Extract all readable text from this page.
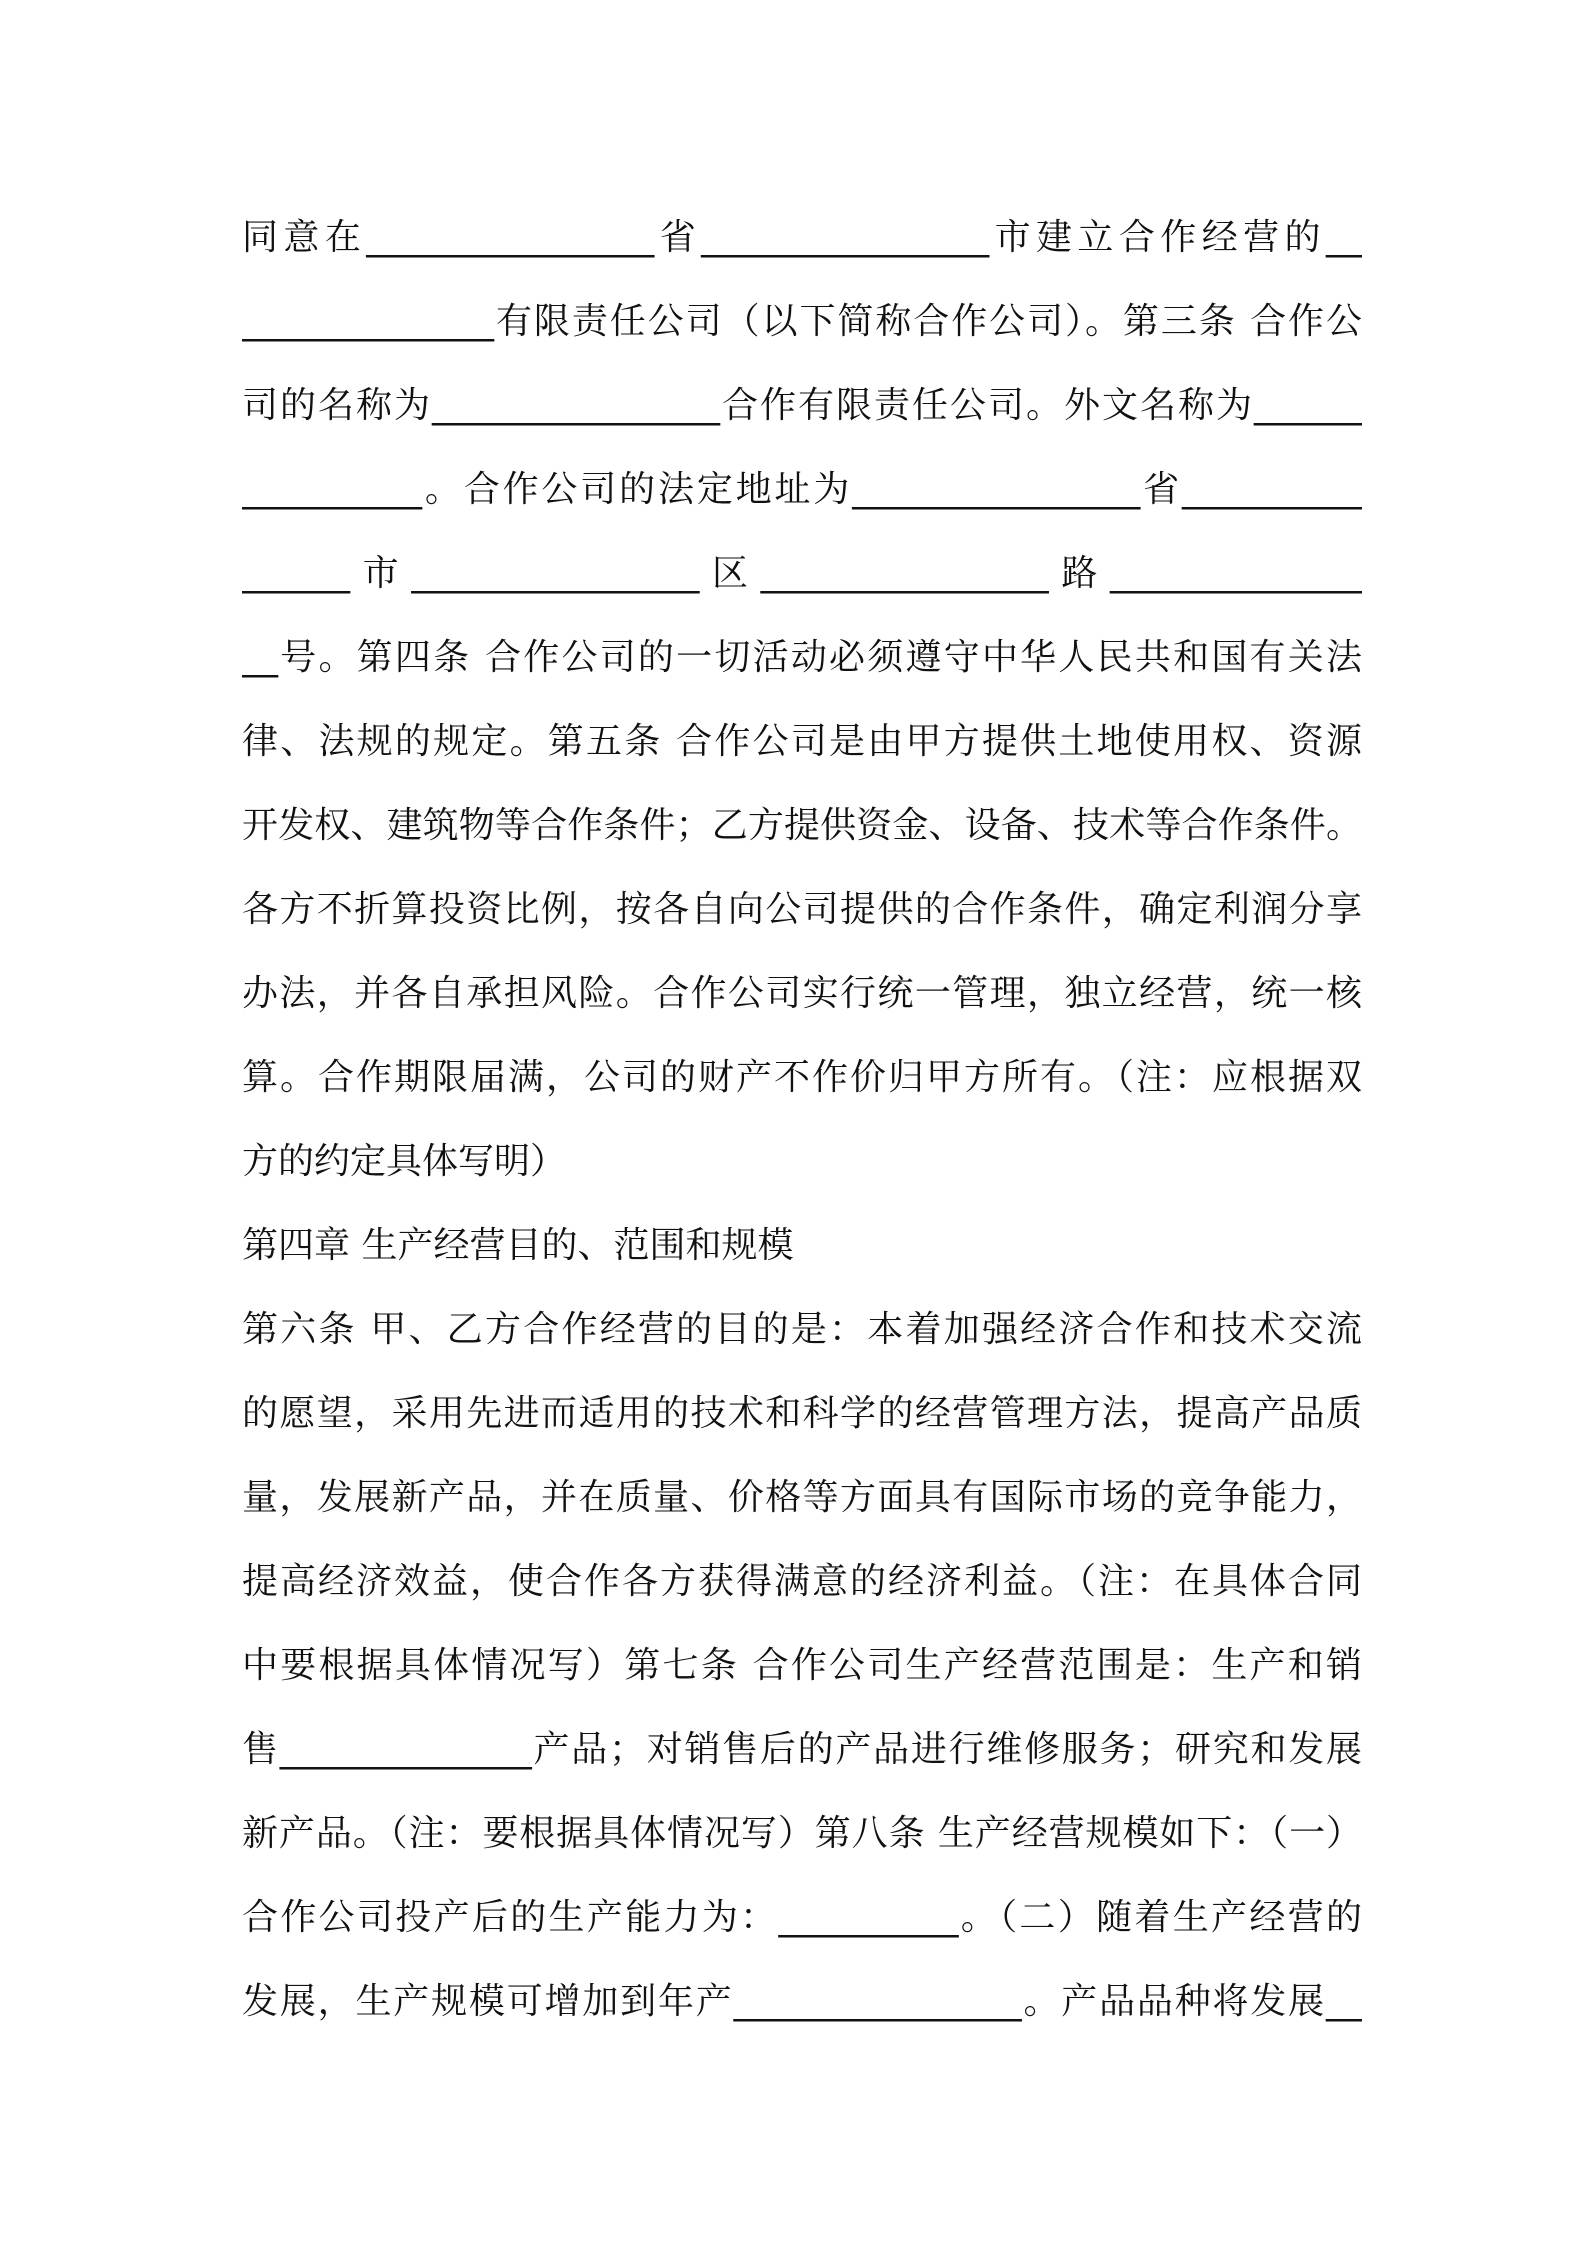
同意在________________省________________市建立合作经营的__
______________有限责任公司（以下简称合作公司）。第三条 合作公
司的名称为________________合作有限责任公司。外文名称为______
__________。合作公司的法定地址为________________省__________
______市________________区________________路______________
__号。第四条 合作公司的一切活动必须遵守中华人民共和国有关法
律、法规的规定。第五条 合作公司是由甲方提供土地使用权、资源
开发权、建筑物等合作条件；乙方提供资金、设备、技术等合作条件。
各方不折算投资比例，按各自向公司提供的合作条件，确定利润分享
办法，并各自承担风险。合作公司实行统一管理，独立经营，统一核
算。合作期限届满，公司的财产不作价归甲方所有。（注：应根据双
方的约定具体写明）
第四章 生产经营目的、范围和规模
第六条 甲、乙方合作经营的目的是：本着加强经济合作和技术交流
的愿望，采用先进而适用的技术和科学的经营管理方法，提高产品质
量，发展新产品，并在质量、价格等方面具有国际市场的竞争能力，
提高经济效益，使合作各方获得满意的经济利益。（注：在具体合同
中要根据具体情况写）第七条 合作公司生产经营范围是：生产和销
售______________产品；对销售后的产品进行维修服务；研究和发展
新产品。（注：要根据具体情况写）第八条 生产经营规模如下：（一）
合作公司投产后的生产能力为：__________。（二）随着生产经营的
发展，生产规模可增加到年产________________。产品品种将发展__
